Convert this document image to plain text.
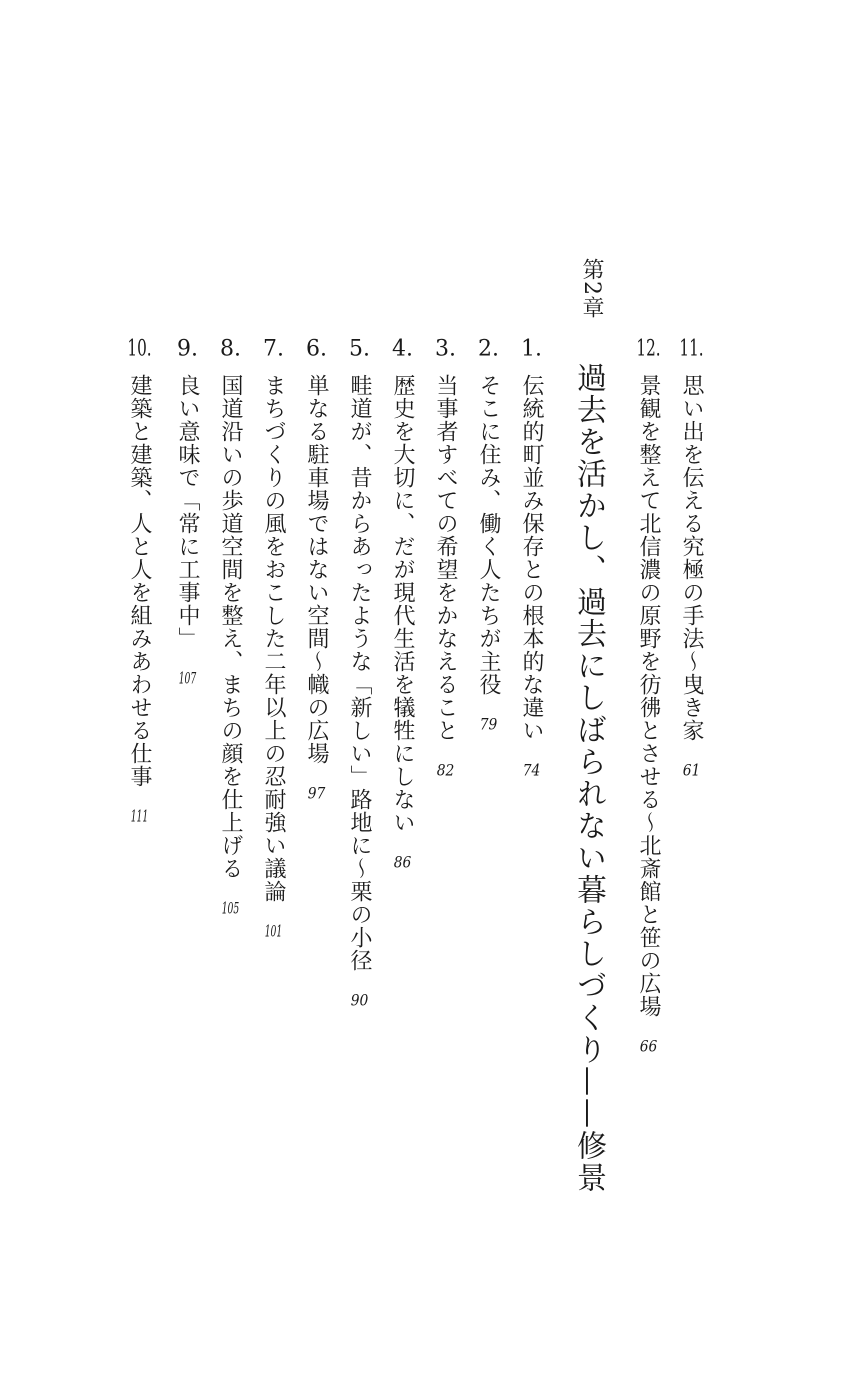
11.思い出を伝える究極の手法〜曳き家61
12.景観を整えて北信濃の原野を彷彿とさせる〜北斎館と笹の広場66
第2章
過去を活かし、過去にしばられない暮らしづくり——修景
1.伝統的町並み保存との根本的な違い74
2.そこに住み、働く人たちが主役79
3.当事者すべての希望をかなえること82
4.歴史を大切に、だが現代生活を犠牲にしない86
5.畦道が、昔からあったような「新しい」路地に〜栗の小径90
6.単なる駐車場ではない空間〜幟の広場97
7.まちづくりの風をおこした二年以上の忍耐強い議論101
8.国道沿いの歩道空間を整え、まちの顔を仕上げる105
9.良い意味で「常に工事中」107
10.建築と建築、人と人を組みあわせる仕事111
